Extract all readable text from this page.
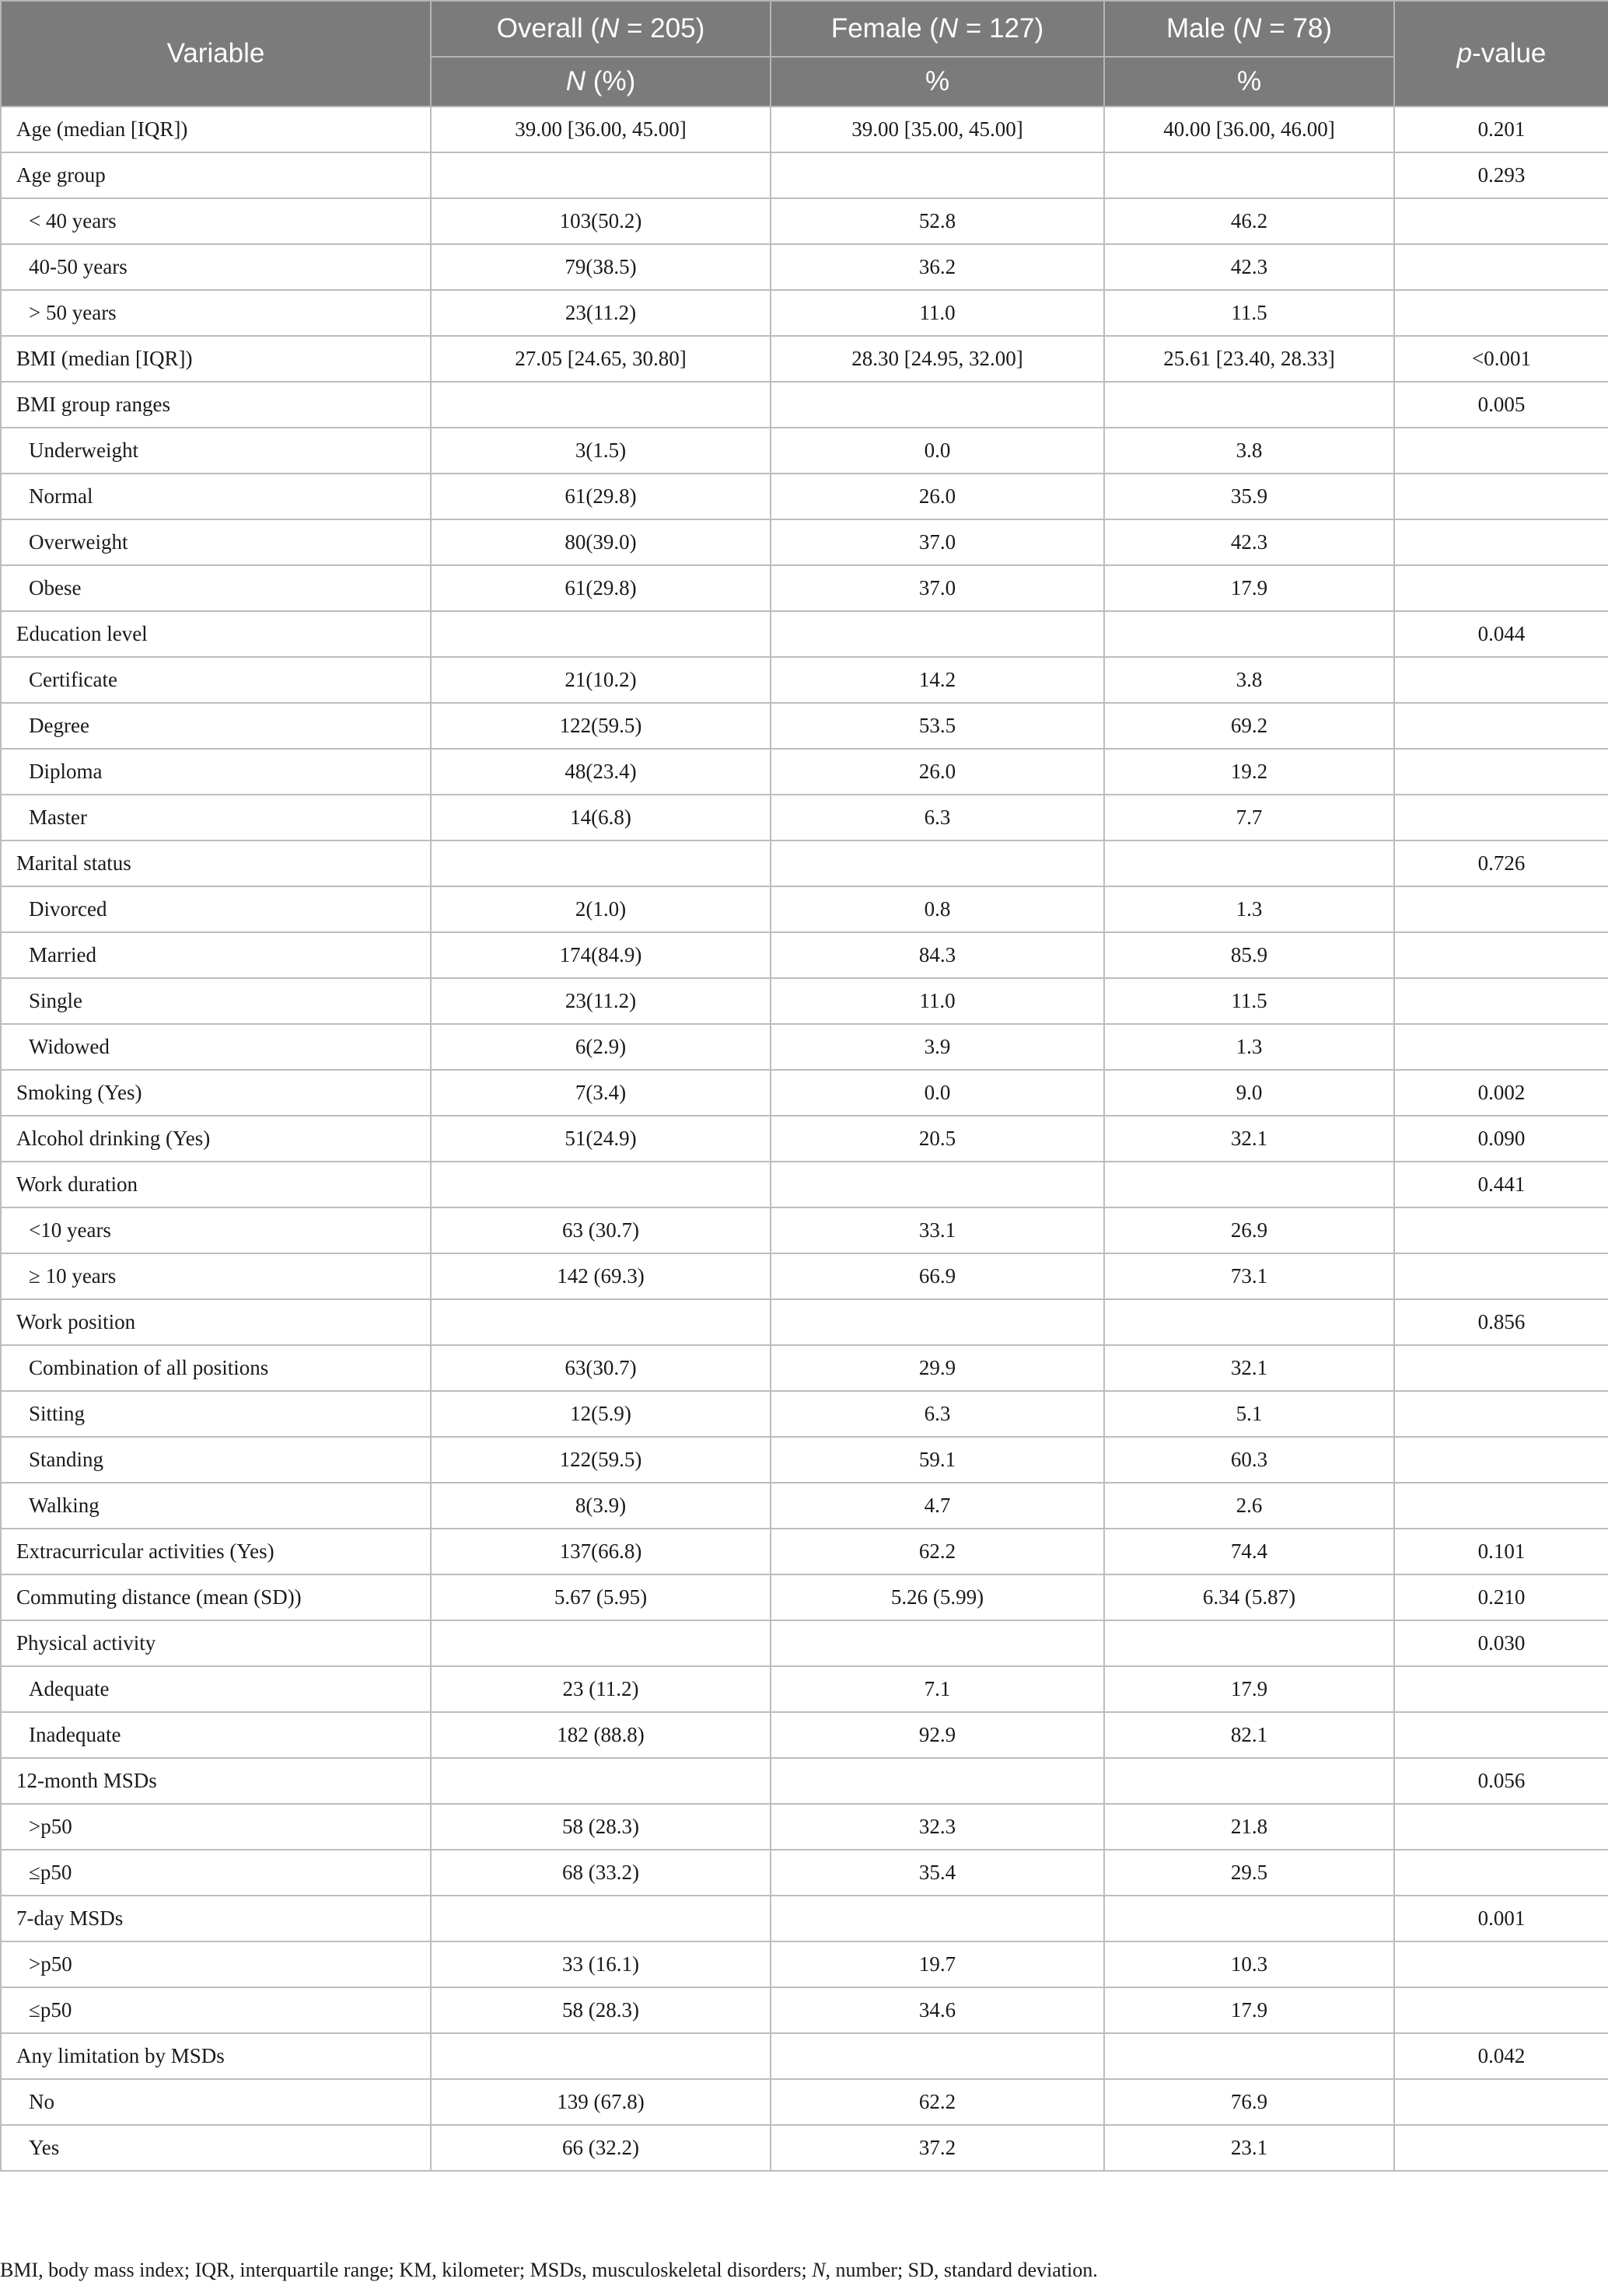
Variable	Overall (N = 205)	Female (N = 127)	Male (N = 78)	p-value
	N (%)	%	%	
Age (median [IQR])	39.00 [36.00, 45.00]	39.00 [35.00, 45.00]	40.00 [36.00, 46.00]	0.201
Age group				0.293
< 40 years	103(50.2)	52.8	46.2	
40-50 years	79(38.5)	36.2	42.3	
> 50 years	23(11.2)	11.0	11.5	
BMI (median [IQR])	27.05 [24.65, 30.80]	28.30 [24.95, 32.00]	25.61 [23.40, 28.33]	<0.001
BMI group ranges				0.005
Underweight	3(1.5)	0.0	3.8	
Normal	61(29.8)	26.0	35.9	
Overweight	80(39.0)	37.0	42.3	
Obese	61(29.8)	37.0	17.9	
Education level				0.044
Certificate	21(10.2)	14.2	3.8	
Degree	122(59.5)	53.5	69.2	
Diploma	48(23.4)	26.0	19.2	
Master	14(6.8)	6.3	7.7	
Marital status				0.726
Divorced	2(1.0)	0.8	1.3	
Married	174(84.9)	84.3	85.9	
Single	23(11.2)	11.0	11.5	
Widowed	6(2.9)	3.9	1.3	
Smoking (Yes)	7(3.4)	0.0	9.0	0.002
Alcohol drinking (Yes)	51(24.9)	20.5	32.1	0.090
Work duration				0.441
<10 years	63 (30.7)	33.1	26.9	
≥ 10 years	142 (69.3)	66.9	73.1	
Work position				0.856
Combination of all positions	63(30.7)	29.9	32.1	
Sitting	12(5.9)	6.3	5.1	
Standing	122(59.5)	59.1	60.3	
Walking	8(3.9)	4.7	2.6	
Extracurricular activities (Yes)	137(66.8)	62.2	74.4	0.101
Commuting distance (mean (SD))	5.67 (5.95)	5.26 (5.99)	6.34 (5.87)	0.210
Physical activity				0.030
Adequate	23 (11.2)	7.1	17.9	
Inadequate	182 (88.8)	92.9	82.1	
12-month MSDs				0.056
>p50	58 (28.3)	32.3	21.8	
≤p50	68 (33.2)	35.4	29.5	
7-day MSDs				0.001
>p50	33 (16.1)	19.7	10.3	
≤p50	58 (28.3)	34.6	17.9	
Any limitation by MSDs				0.042
No	139 (67.8)	62.2	76.9	
Yes	66 (32.2)	37.2	23.1	
BMI, body mass index; IQR, interquartile range; KM, kilometer; MSDs, musculoskeletal disorders; N, number; SD, standard deviation.
